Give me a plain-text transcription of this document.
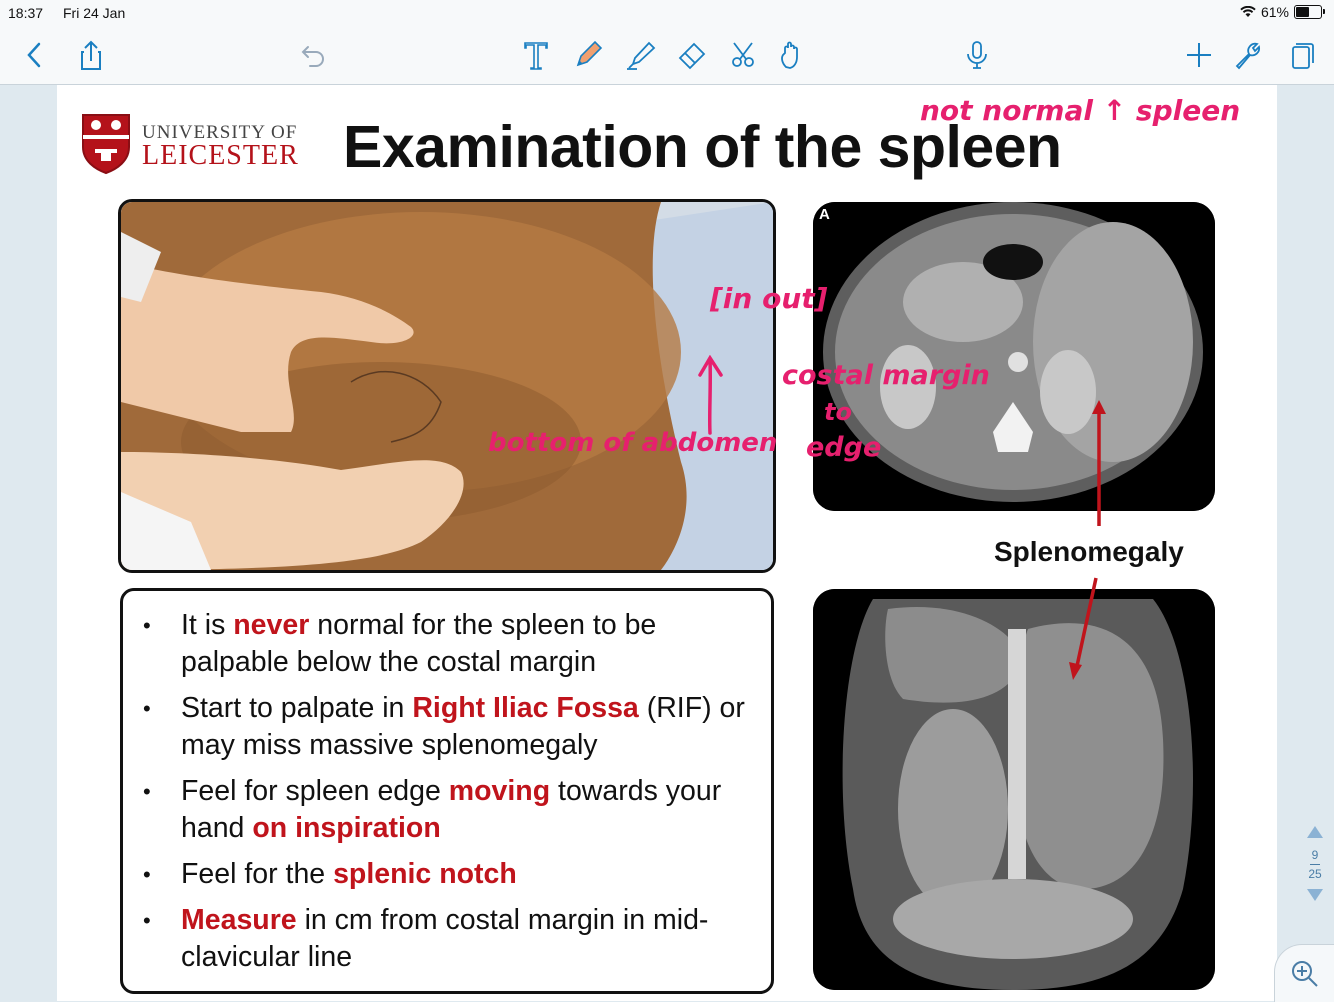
18:37 Fri 24 Jan	61%
UNIVERSITY OF
LEICESTER Examination of the spleen
A
Splenomegaly
• It is never normal for the spleen to be palpable below the costal margin
• Start to palpate in Right Iliac Fossa (RIF) or may miss massive splenomegaly
• Feel for spleen edge moving towards your hand on inspiration
• Feel for the splenic notch
• Measure in cm from costal margin in mid-clavicular line
not normal ↑ spleen
[in out]
bottom of abdomen
costal margin
to
edge
9
25
